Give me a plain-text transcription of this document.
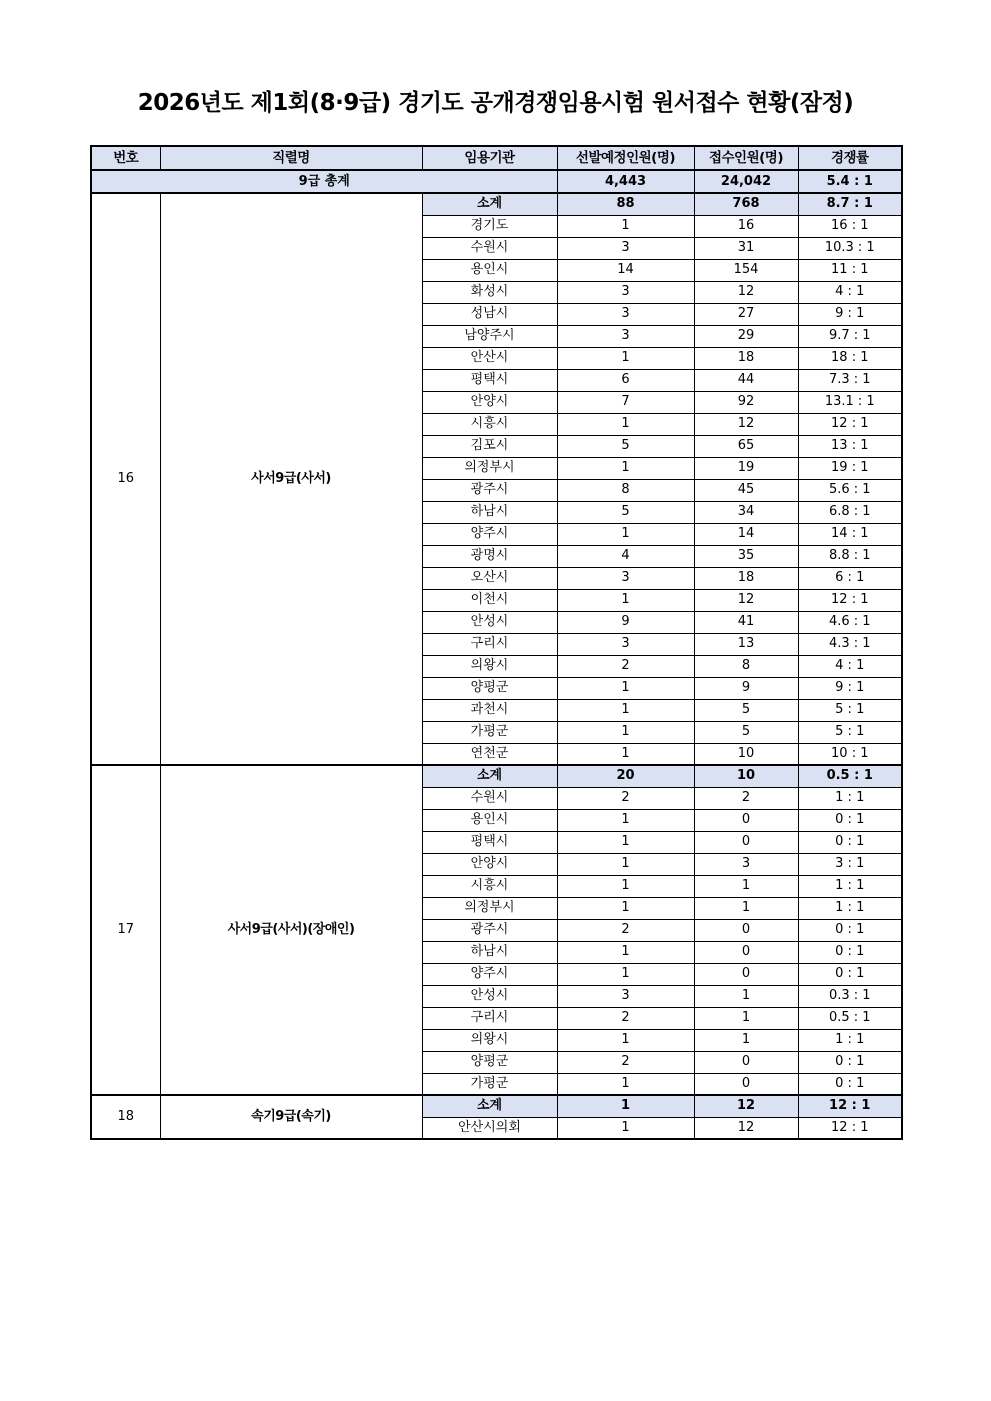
2026년도 제1회(8·9급) 경기도 공개경쟁임용시험 원서접수 현황(잠정)
번호	직렬명	임용기관	선발예정인원(명)	접수인원(명)	경쟁률
9급 총계			4,443	24,042	5.4 : 1
16	사서9급(사서)	소계	88	768	8.7 : 1
		경기도	1	16	16 : 1
		수원시	3	31	10.3 : 1
		용인시	14	154	11 : 1
		화성시	3	12	4 : 1
		성남시	3	27	9 : 1
		남양주시	3	29	9.7 : 1
		안산시	1	18	18 : 1
		평택시	6	44	7.3 : 1
		안양시	7	92	13.1 : 1
		시흥시	1	12	12 : 1
		김포시	5	65	13 : 1
		의정부시	1	19	19 : 1
		광주시	8	45	5.6 : 1
		하남시	5	34	6.8 : 1
		양주시	1	14	14 : 1
		광명시	4	35	8.8 : 1
		오산시	3	18	6 : 1
		이천시	1	12	12 : 1
		안성시	9	41	4.6 : 1
		구리시	3	13	4.3 : 1
		의왕시	2	8	4 : 1
		양평군	1	9	9 : 1
		과천시	1	5	5 : 1
		가평군	1	5	5 : 1
		연천군	1	10	10 : 1
17	사서9급(사서)(장애인)	소계	20	10	0.5 : 1
		수원시	2	2	1 : 1
		용인시	1	0	0 : 1
		평택시	1	0	0 : 1
		안양시	1	3	3 : 1
		시흥시	1	1	1 : 1
		의정부시	1	1	1 : 1
		광주시	2	0	0 : 1
		하남시	1	0	0 : 1
		양주시	1	0	0 : 1
		안성시	3	1	0.3 : 1
		구리시	2	1	0.5 : 1
		의왕시	1	1	1 : 1
		양평군	2	0	0 : 1
		가평군	1	0	0 : 1
18	속기9급(속기)	소계	1	12	12 : 1
		안산시의회	1	12	12 : 1
